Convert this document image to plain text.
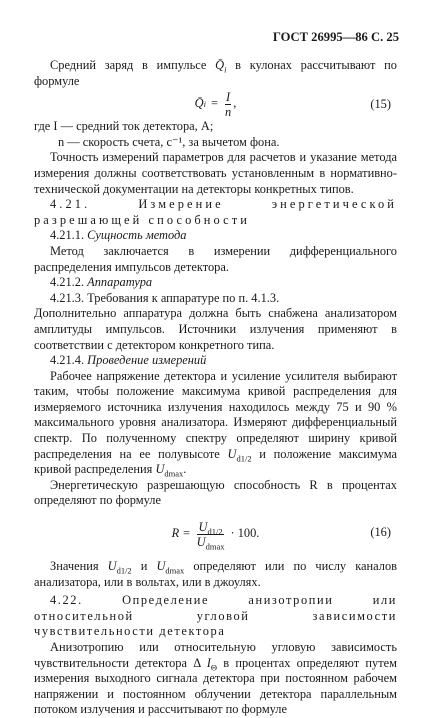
ГОСТ 26995—86 С. 25

Средний заряд в импульсе $Q̄_i$ в кулонах рассчитывают по формуле

Q̄ $i = \frac{I}{n}$ ,	(15)

где I — средний ток детектора, А;

n — скорость счета, с⁻¹, за вычетом фона.

Точность измерений параметров для расчетов и указание метода измерения должны соответствовать установленным в нормативно-технической документации на детекторы конкретных типов.

4.21. Измерение энергетической разрешающей способности

4.21.1. Сущность метода

Метод заключается в измерении дифференциального распределения импульсов детектора.

4.21.2. Аппаратура

4.21.3. Требования к аппаратуре по п. 4.1.3.

Дополнительно аппаратура должна быть снабжена анализатором амплитуды импульсов. Источники излучения применяют в соответствии с детектором конкретного типа.

4.21.4. Проведение измерений

Рабочее напряжение детектора и усиление усилителя выбирают таким, чтобы положение максимума кривой распределения для измеряемого источника излучения находилось между 75 и 90 % максимального уровня анализатора. Измеряют дифференциальный спектр. По полученному спектру определяют ширину кривой распределения на ее полувысоте $U_{d1/2}$ и положение максимума кривой распределения $U_{dmax}$.

Энергетическую разрешающую способность R в процентах определяют по формуле

$R = \frac{U_{d1/2}}{U_{dmax}} \cdot 100$.	(16)

Значения $U_{d1/2}$ и $U_{dmax}$ определяют или по числу каналов анализатора, или в вольтах, или в джоулях.

4.22. Определение анизотропии или относительной угловой зависимости чувствительности детектора

Анизотропию или относительную угловую зависимость чувствительности детектора Δ $I_\Theta$ в процентах определяют путем измерения выходного сигнала детектора при постоянном рабочем напряжении и постоянном облучении детектора параллельным потоком излучения и рассчитывают по формуле
